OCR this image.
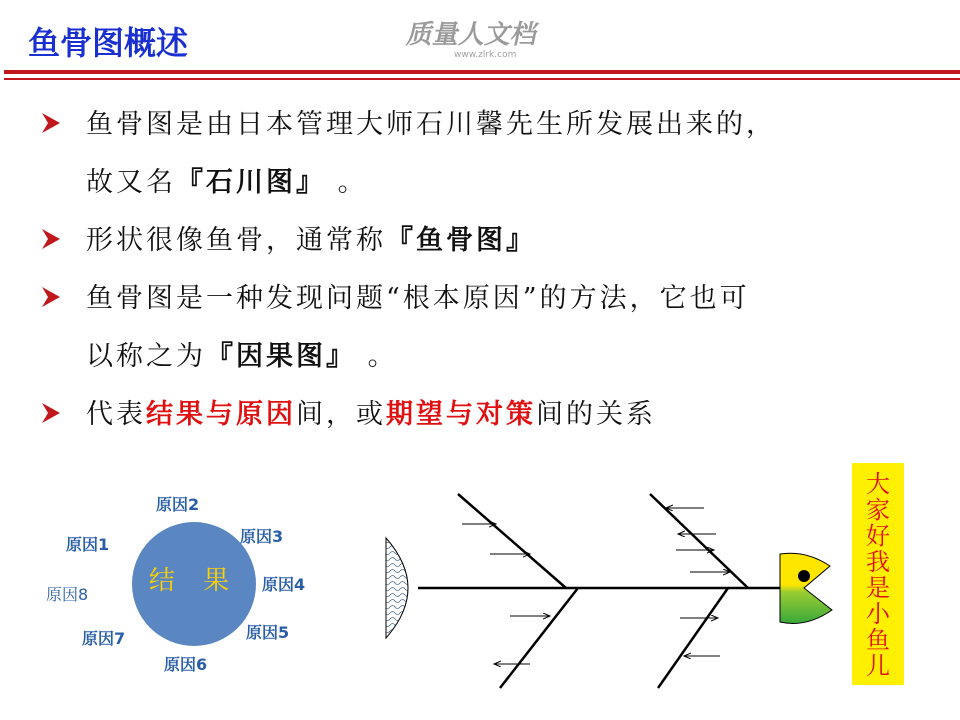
鱼骨图概述	质量人文档
www.zlrk.com
鱼骨图是由日本管理大师石川馨先生所发展出来的，
故又名『石川图』 。
形状很像鱼骨，通常称『鱼骨图』
鱼骨图是一种发现问题“根本原因”的方法，它也可
以称之为『因果图』 。
代表结果与原因间，或期望与对策间的关系
原因2
原因3
原因1
原因4
原因8
原因5
原因7
原因6
结 果
大
家
好
我
是
小
鱼
儿
